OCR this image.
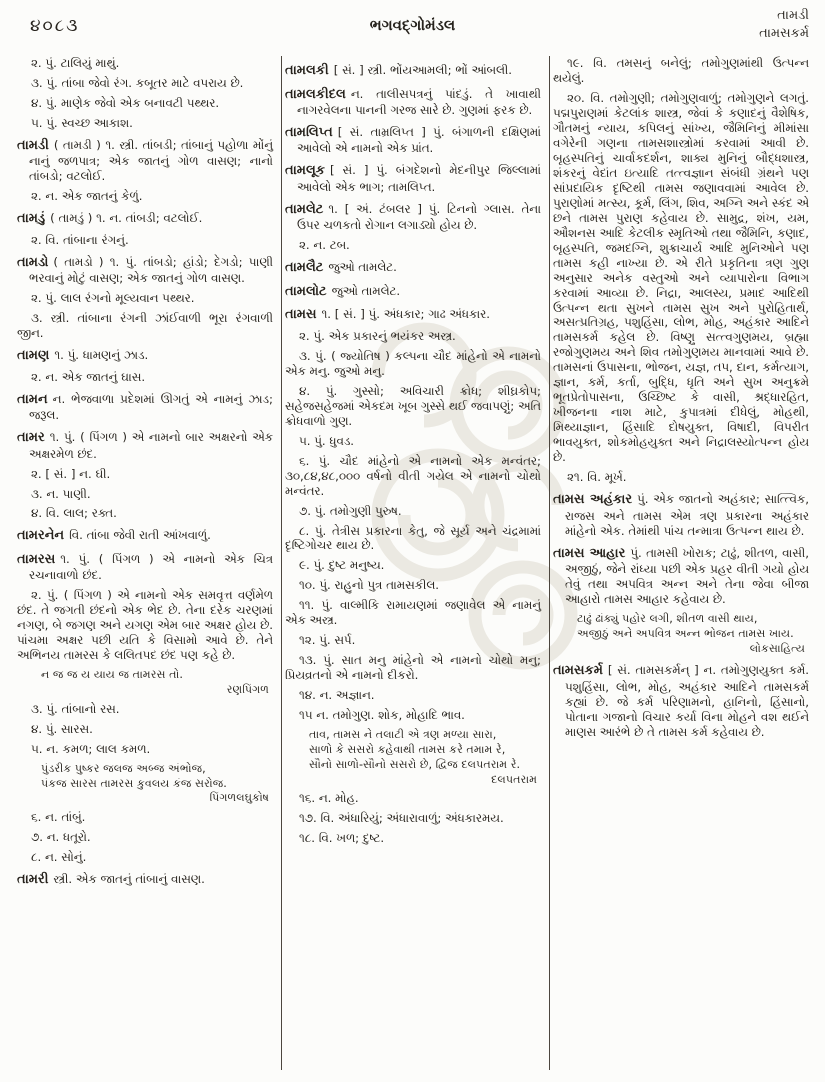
૪૦૮૩	ભગવદ્ગોમંડલ
તામડી
તામસકર્મ

૨. પું. ટાલિયું માથું.

૩. પું. તાંબા જેવો રંગ. કબૂતર માટે વપરાય છે.

૪. પું. માણેક જેવો એક બનાવટી પથ્થર.

૫. પું. સ્વચ્છ આકાશ.

તામડી ( તામડી ) ૧. સ્ત્રી. તાંબડી; તાંબાનું પહોળા મોંનું નાનું જળપાત્ર; એક જાતનું ગોળ વાસણ; નાનો તાંબડો; વટલોઈ.

૨. ન. એક જાતનું કેળું.

તામડું ( તામડું ) ૧. ન. તાંબડી; વટલોઈ.

૨. વિ. તાંબાના રંગનું.

તામડો ( તામડો ) ૧. પું. તાંબડો; હાંડો; દેગડો; પાણી ભરવાનું મોટું વાસણ; એક જાતનું ગોળ વાસણ.

૨. પું. લાલ રંગનો મૂલ્યવાન પથ્થર.

૩. સ્ત્રી. તાંબાના રંગની ઝાંઈવાળી ભૂરા રંગવાળી જીન.

તામણ ૧. પું. ધામણનું ઝાડ.

૨. ન. એક જાતનું ઘાસ.

તામન ન. ભેજવાળા પ્રદેશમાં ઊગતું એ નામનું ઝાડ; જરૂલ.

તામર ૧. પું. ( પિંગળ ) એ નામનો બાર અક્ષરનો એક અક્ષરમેળ છંદ.

૨. [ સં. ] ન. ઘી.

૩. ન. પાણી.

૪. વિ. લાલ; રક્ત.

તામરનેન વિ. તાંબા જેવી રાતી આંખવાળું.

તામરસ ૧. પું. ( પિંગળ ) એ નામનો એક ચિત્ર રચનાવાળો છંદ.

૨. પું. ( પિંગળ ) એ નામનો એક સમવૃત્ત વર્ણમેળ છંદ. તે જગતી છંદનો એક ભેદ છે. તેના દરેક ચરણમાં નગણ, બે જગણ અને યગણ એમ બાર અક્ષર હોય છે. પાંચમા અક્ષર પછી યતિ કે વિસામો આવે છે. તેને અભિનય તામરસ કે લલિતપદ છંદ પણ કહે છે.

ન જ જ ય યાય જ તામરસ તો.

રણપિંગળ

૩. પું. તાંબાનો રસ.

૪. પું. સારસ.

૫. ન. કમળ; લાલ કમળ.

પુંડરીક પુષ્કર જલજ અબ્જ અંભોજ,

પંકજ સારસ તામરસ કુવલય કંજ સરોજ.

પિંગળલઘુકોષ

૬. ન. તાંબું.

૭. ન. ધતૂરો.

૮. ન. સોનું.

તામરી સ્ત્રી. એક જાતનું તાંબાનું વાસણ.

તામલકી [ સં. ] સ્ત્રી. ભોંયઆમલી; ભોં આંબલી.

તામલકીદલ ન. તાલીસપત્રનું પાંદડું. તે ખાવાથી નાગરવેલના પાનની ગરજ સારે છે. ગુણમાં ફરક છે.

તામલિપ્ત [ સં. તામ્રલિપ્ત ] પું. બંગાળની દક્ષિણમાં આવેલો એ નામનો એક પ્રાંત.

તામલૂક [ સં. ] પું. બંગદેશનો મેદનીપુર જિલ્લામાં આવેલો એક ભાગ; તામલિપ્ત.

તામલેટ ૧. [ અં. ટંબલર ] પું. ટિનનો ગ્લાસ. તેના ઉપર ચળકતો રોગાન લગાડ્યો હોય છે.

૨. ન. ટબ.

તામલૈટ જુઓ તામલેટ.

તામલોટ જુઓ તામલેટ.

તામસ ૧. [ સં. ] પું. અંધકાર; ગાઢ અંધકાર.

૨. પું. એક પ્રકારનું ભયંકર અસ્ત્ર.

૩. પું. ( જ્યોતિષ ) કલ્પના ચૌદ માંહેનો એ નામનો એક મનુ. જુઓ મનુ.

૪. પું. ગુસ્સો; અવિચારી ક્રોધ; શીઘ્રકોપ; સહેજસહેજમાં એકદમ ખૂબ ગુસ્સે થઈ જવાપણું; અતિ ક્રોધવાળો ગુણ.

૫. પું. ધુવડ.

૬. પું. ચૌદ માંહેનો એ નામનો એક મન્વંતર; ૩૦,૮૪,૪૮,૦૦૦ વર્ષનો વીતી ગયેલ એ નામનો ચોથો મન્વંતર.

૭. પું. તમોગુણી પુરુષ.

૮. પું. તેત્રીસ પ્રકારના કેતુ, જે સૂર્ય અને ચંદ્રમામાં દૃષ્ટિગોચર થાય છે.

૯. પું. દુષ્ટ મનુષ્ય.

૧૦. પું. રાહુનો પુત્ર તામસકીલ.

૧૧. પું. વાલ્મીકિ રામાયણમાં જણાવેલ એ નામનું એક અસ્ત્ર.

૧૨. પું. સર્પ.

૧૩. પું. સાત મનુ માંહેનો એ નામનો ચોથો મનુ; પ્રિયવ્રતનો એ નામનો દીકરો.

૧૪. ન. અજ્ઞાન.

૧૫ ન. તમોગુણ. શોક, મોહાદિ ભાવ.

તાવ, તામસ ને તલાટી એ ત્રણ મળ્યા સારા,

સાળો કે સસરો કહેવાથી તામસ કરે તમામ રે,

સૌનો સાળો-સૌનો સસરો છે, દ્વિજ દલપતરામ રે.

દલપતરામ

૧૬. ન. મોહ.

૧૭. વિ. અંધારિયું; અંધારાવાળું; અંધકારમય.

૧૮. વિ. ખળ; દુષ્ટ.

૧૯. વિ. તમસનું બનેલું; તમોગુણમાંથી ઉત્પન્ન થયેલું.

૨૦. વિ. તમોગુણી; તમોગુણવાળું; તમોગુણને લગતું. પદ્મપુરાણમાં કેટલાંક શાસ્ત્ર, જેવાં કે કણાદનું વૈશેષિક, ગૌતમનું ન્યાય, કપિલનું સાંખ્ય, જૈમિનિનું મીમાંસા વગેરેની ગણના તામસશાસ્ત્રોમાં કરવામાં આવી છે. બૃહસ્પતિનું ચાર્વાકદર્શન, શાક્ય મુનિનું બૌદ્ધશાસ્ત્ર, શંકરનું વેદાંત ઇત્યાદિ તત્ત્વજ્ઞાન સંબંધી ગ્રંથને પણ સાંપ્રદાયિક દૃષ્ટિથી તામસ જણાવવામાં આવેલ છે. પુરાણોમાં મત્સ્ય, કૂર્મ, લિંગ, શિવ, અગ્નિ અને સ્કંદ એ છને તામસ પુરાણ કહેવાય છે. સામુદ્ર, શંખ, યમ, ઔશનસ આદિ કેટલીક સ્મૃતિઓ તથા જૈમિનિ, કણાદ, બૃહસ્પતિ, જમદગ્નિ, શુક્રાચાર્ય આદિ મુનિઓને પણ તામસ કહી નાખ્યા છે. એ રીતે પ્રકૃતિના ત્રણ ગુણ અનુસાર અનેક વસ્તુઓ અને વ્યાપારોના વિભાગ કરવામાં આવ્યા છે. નિદ્રા, આલસ્ય, પ્રમાદ આદિથી ઉત્પન્ન થતા સુખને તામસ સુખ અને પુરોહિતાર્થ, અસત્પ્રતિગ્રહ, પશુહિંસા, લોભ, મોહ, અહંકાર આદિને તામસકર્મ કહેલ છે. વિષ્ણુ સત્ત્વગુણમય, બ્રહ્મા રજોગુણમય અને શિવ તમોગુણમય માનવામાં આવે છે. તામસનાં ઉપાસના, ભોજન, યજ્ઞ, તપ, દાન, કર્મત્યાગ, જ્ઞાન, કર્મ, કર્તા, બુદ્ધિ, ધૃતિ અને સુખ અનુક્રમે ભૂતપ્રેતોપાસના, ઉચ્છિષ્ટ કે વાસી, શ્રદ્ધારહિત, ખીજનના નાશ માટે, કુપાત્રમાં દીધેલું, મોહથી, મિથ્યાજ્ઞાન, હિંસાદિ દોષયુક્ત, વિષાદી, વિપરીત ભાવયુક્ત, શોકમોહયુક્ત અને નિદ્રાલસ્યોત્પન્ન હોય છે.

૨૧. વિ. મૂર્ખ.

તામસ અહંકાર પું. એક જાતનો અહંકાર; સાત્ત્વિક, રાજસ અને તામસ એમ ત્રણ પ્રકારના અહંકાર માંહેનો એક. તેમાંથી પાંચ તન્માત્રા ઉત્પન્ન થાય છે.

તામસ આહાર પું. તામસી ખોરાક; ટાઢું, શીતળ, વાસી, અજીઠું, જેને રાંધ્યા પછી એક પ્રહર વીતી ગયો હોય તેવું તથા અપવિત્ર અન્ન અને તેના જેવા બીજા આહારો તામસ આહાર કહેવાય છે.

ટાઢું ઢાંક્યું પહોર લગી, શીતળ વાસી થાય,

અજીઠું અને અપવિત્ર અન્ન ભોજન તામસ ખાય.

લોકસાહિત્ય

તામસકર્મ [ સં. તામસકર્મન્ ] ન. તમોગુણયુક્ત કર્મ. પશુહિંસા, લોભ, મોહ, અહંકાર આદિને તામસકર્મ કહ્યાં છે. જે કર્મ પરિણામનો, હાનિનો, હિંસાનો, પોતાના ગજાનો વિચાર કર્યા વિના મોહને વશ થઈને માણસ આરંભે છે તે તામસ કર્મ કહેવાય છે.
